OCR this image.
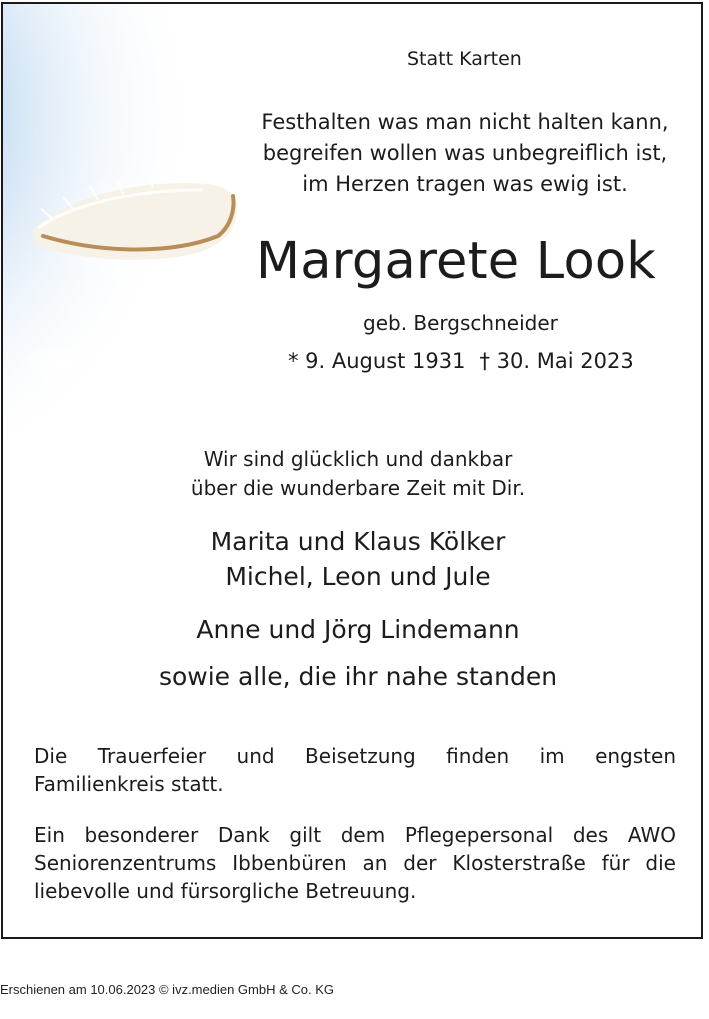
Statt Karten
Festhalten was man nicht halten kann,
begreifen wollen was unbegreiflich ist,
im Herzen tragen was ewig ist.
Margarete Look
geb. Bergschneider
* 9. August 1931 † 30. Mai 2023
Wir sind glücklich und dankbar
über die wunderbare Zeit mit Dir.
Marita und Klaus Kölker
Michel, Leon und Jule
Anne und Jörg Lindemann
sowie alle, die ihr nahe standen
Die Trauerfeier und Beisetzung finden im engsten
Familienkreis statt.
Ein besonderer Dank gilt dem Pflegepersonal des AWO
Seniorenzentrums Ibbenbüren an der Klosterstraße für die
liebevolle und fürsorgliche Betreuung.
Erschienen am 10.06.2023 © ivz.medien GmbH & Co. KG
